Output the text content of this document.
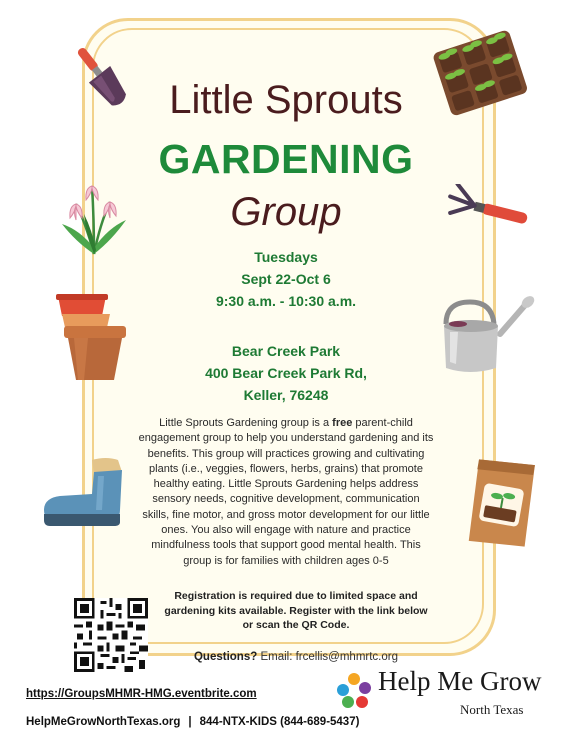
Little Sprouts
GARDENING
Group
Tuesdays
Sept 22-Oct 6
9:30 a.m. - 10:30 a.m.
Bear Creek Park
400 Bear Creek Park Rd,
Keller, 76248
Little Sprouts Gardening group is a free parent-child engagement group to help you understand gardening and its benefits. This group will practices growing and cultivating plants (i.e., veggies, flowers, herbs, grains) that promote healthy eating. Little Sprouts Gardening helps address sensory needs, cognitive development, communication skills, fine motor, and gross motor development for our little ones. You also will engage with nature and practice mindfulness tools that support good mental health. This group is for families with children ages 0-5
Registration is required due to limited space and gardening kits available. Register with the link below or scan the QR Code.
Questions? Email: frcellis@mhmrtc.org
https://GroupsMHMR-HMG.eventbrite.com
HelpMeGrowNorthTexas.org | 844-NTX-KIDS (844-689-5437)
Help Me Grow
North Texas
